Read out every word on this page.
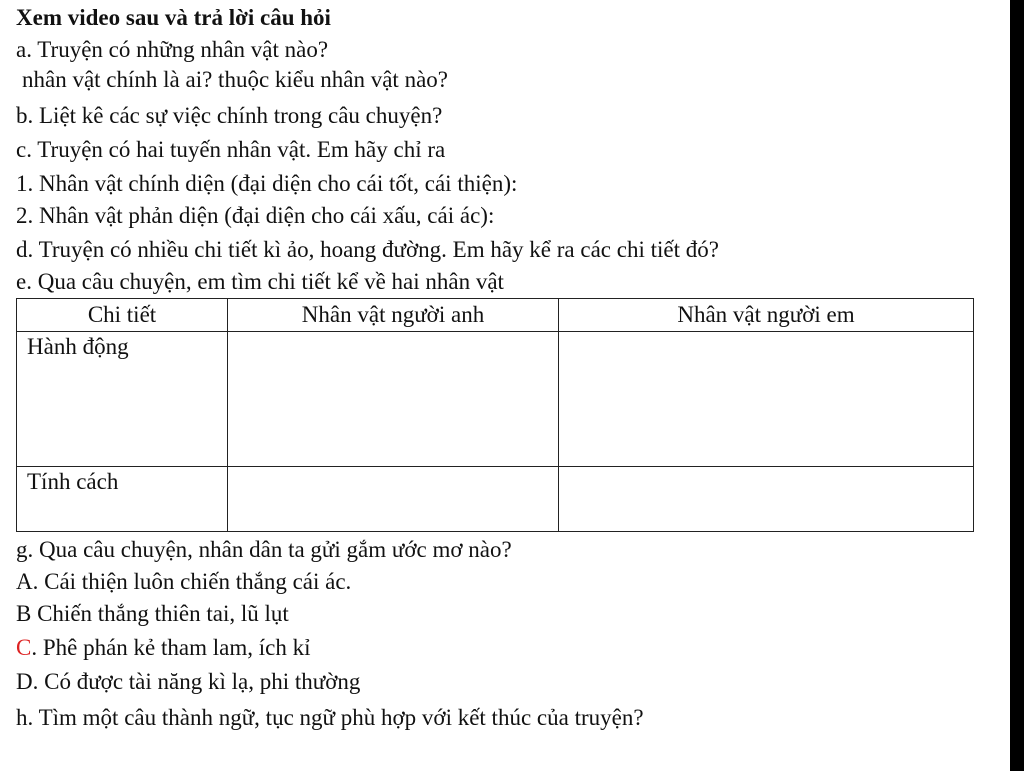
Xem video sau và trả lời câu hỏi
a. Truyện có những nhân vật nào?
nhân vật chính là ai? thuộc kiểu nhân vật nào?
b. Liệt kê các sự việc chính trong câu chuyện?
c. Truyện có hai tuyến nhân vật. Em hãy chỉ ra
1. Nhân vật chính diện (đại diện cho cái tốt, cái thiện):
2. Nhân vật phản diện (đại diện cho cái xấu, cái ác):
d. Truyện có nhiều chi tiết kì ảo, hoang đường. Em hãy kể ra các chi tiết đó?
e. Qua câu chuyện, em tìm chi tiết kể về hai nhân vật
Chi tiết	Nhân vật người anh	Nhân vật người em
Hành động		
Tính cách		
g. Qua câu chuyện, nhân dân ta gửi gắm ước mơ nào?
A. Cái thiện luôn chiến thắng cái ác.
B Chiến thắng thiên tai, lũ lụt
C. Phê phán kẻ tham lam, ích kỉ
D. Có được tài năng kì lạ, phi thường
h. Tìm một câu thành ngữ, tục ngữ phù hợp với kết thúc của truyện?
